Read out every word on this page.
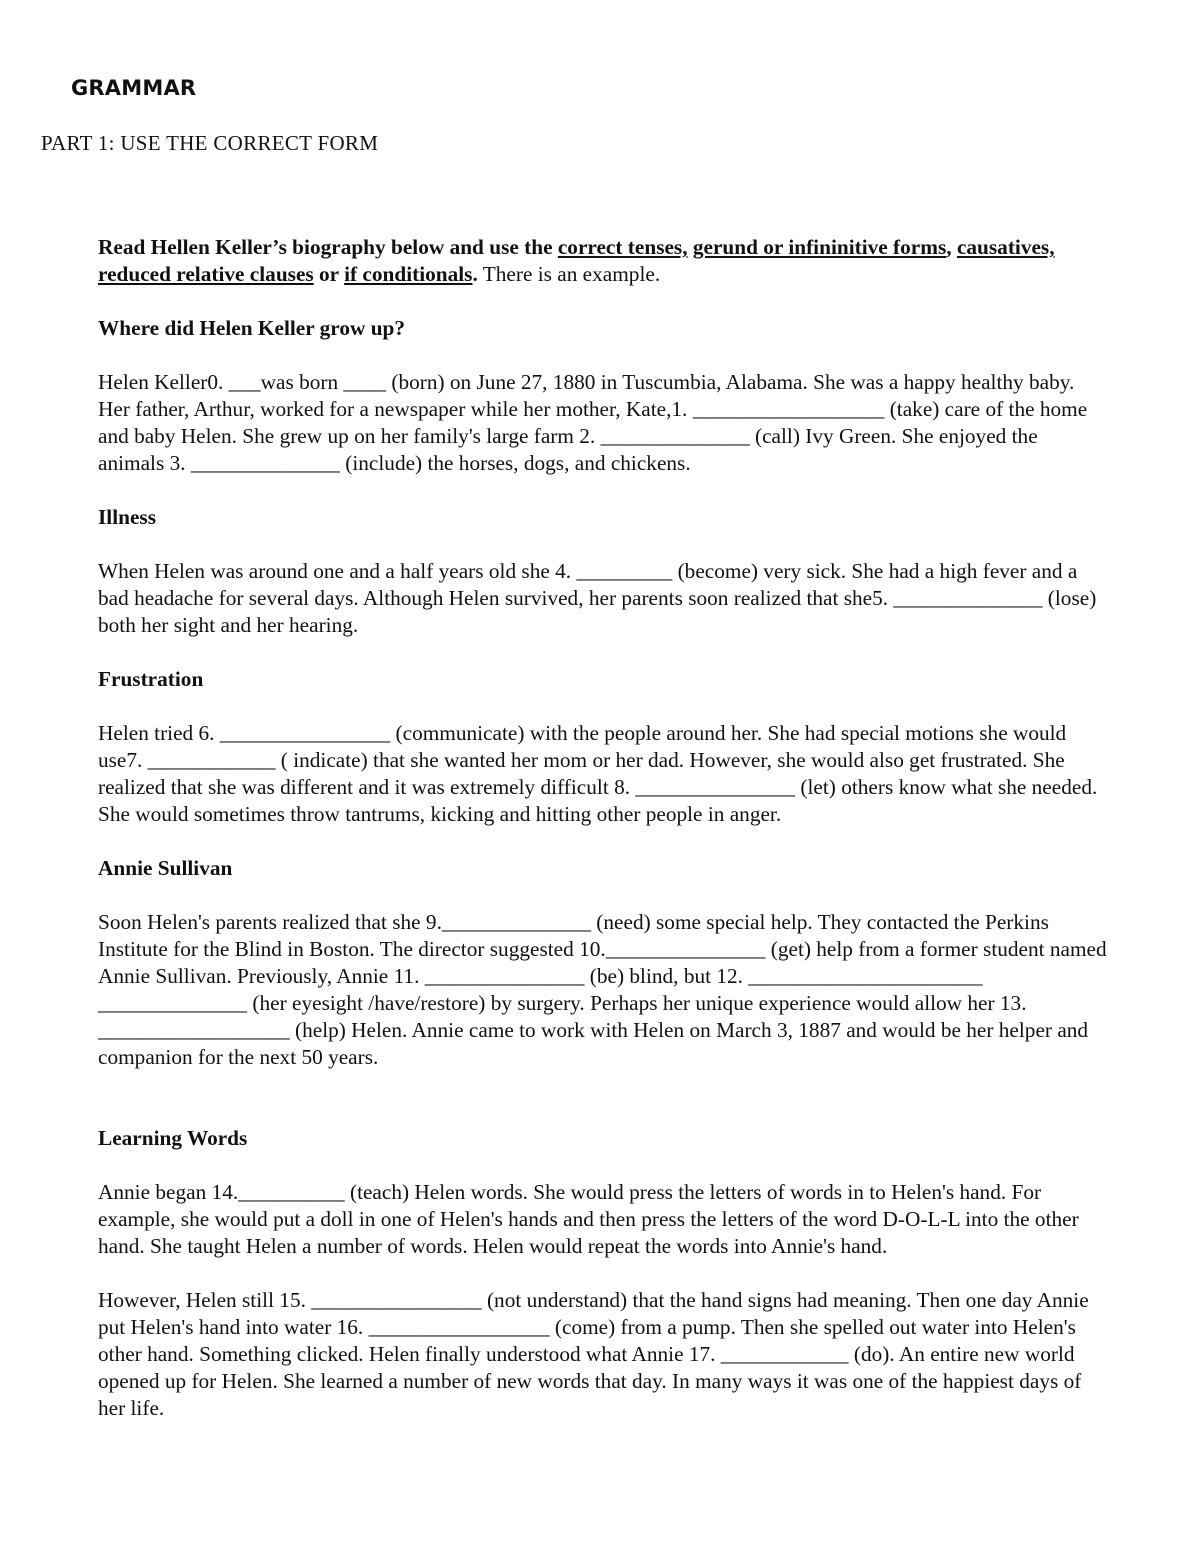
GRAMMAR
PART 1: USE THE CORRECT FORM

Read Hellen Keller’s biography below and use the correct tenses, gerund or infininitive forms, causatives, reduced relative clauses or if conditionals. There is an example.

Where did Helen Keller grow up?

Helen Keller0. ___was born ____ (born) on June 27, 1880 in Tuscumbia, Alabama. She was a happy healthy baby. Her father, Arthur, worked for a newspaper while her mother, Kate,1. __________________ (take) care of the home and baby Helen. She grew up on her family's large farm 2. ______________ (call) Ivy Green. She enjoyed the animals 3. ______________ (include) the horses, dogs, and chickens.

Illness

When Helen was around one and a half years old she 4. _________ (become) very sick. She had a high fever and a bad headache for several days. Although Helen survived, her parents soon realized that she5. ______________ (lose) both her sight and her hearing.

Frustration

Helen tried 6. ________________ (communicate) with the people around her. She had special motions she would use7. ____________ ( indicate) that she wanted her mom or her dad. However, she would also get frustrated. She realized that she was different and it was extremely difficult 8. _______________ (let) others know what she needed. She would sometimes throw tantrums, kicking and hitting other people in anger.

Annie Sullivan

Soon Helen's parents realized that she 9.______________ (need) some special help. They contacted the Perkins Institute for the Blind in Boston. The director suggested 10._______________ (get) help from a former student named Annie Sullivan. Previously, Annie 11. _______________ (be) blind, but 12. ______________________ ______________ (her eyesight /have/restore) by surgery. Perhaps her unique experience would allow her 13. __________________ (help) Helen. Annie came to work with Helen on March 3, 1887 and would be her helper and companion for the next 50 years.

Learning Words

Annie began 14.__________ (teach) Helen words. She would press the letters of words in to Helen's hand. For example, she would put a doll in one of Helen's hands and then press the letters of the word D-O-L-L into the other hand. She taught Helen a number of words. Helen would repeat the words into Annie's hand.

However, Helen still 15. ________________ (not understand) that the hand signs had meaning. Then one day Annie put Helen's hand into water 16. _________________ (come) from a pump. Then she spelled out water into Helen's other hand. Something clicked. Helen finally understood what Annie 17. ____________ (do). An entire new world opened up for Helen. She learned a number of new words that day. In many ways it was one of the happiest days of her life.
